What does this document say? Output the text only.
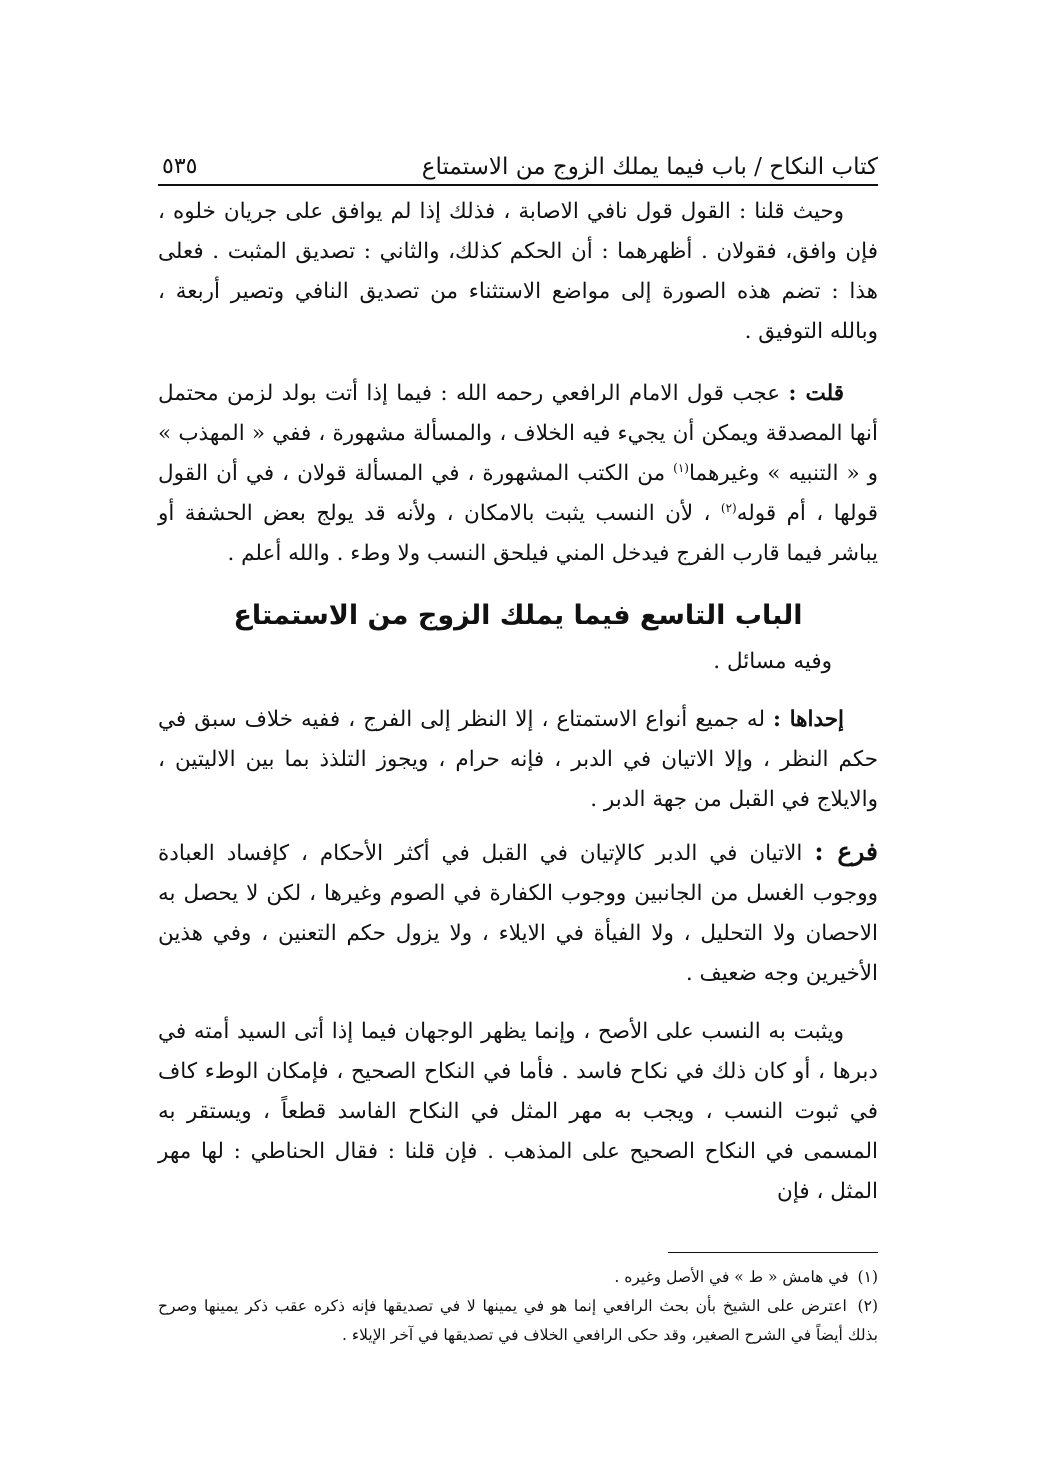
كتاب النكاح / باب فيما يملك الزوج من الاستمتاع
٥٣٥

وحيث قلنا : القول قول نافي الاصابة ، فذلك إذا لم يوافق على جريان خلوه ، فإن وافق، فقولان . أظهرهما : أن الحكم كذلك، والثاني : تصديق المثبت . فعلى هذا : تضم هذه الصورة إلى مواضع الاستثناء من تصديق النافي وتصير أربعة ، وبالله التوفيق .

قلت : عجب قول الامام الرافعي رحمه الله : فيما إذا أتت بولد لزمن محتمل أنها المصدقة ويمكن أن يجيء فيه الخلاف ، والمسألة مشهورة ، ففي « المهذب » و « التنبيه » وغيرهما$^{(١)}$ من الكتب المشهورة ، في المسألة قولان ، في أن القول قولها ، أم قوله$^{(٢)}$ ، لأن النسب يثبت بالامكان ، ولأنه قد يولج بعض الحشفة أو يباشر فيما قارب الفرج فيدخل المني فيلحق النسب ولا وطء . والله أعلم .

الباب التاسع فيما يملك الزوج من الاستمتاع

وفيه مسائل .

إحداها : له جميع أنواع الاستمتاع ، إلا النظر إلى الفرج ، ففيه خلاف سبق في حكم النظر ، وإلا الاتيان في الدبر ، فإنه حرام ، ويجوز التلذذ بما بين الاليتين ، والايلاج في القبل من جهة الدبر .

فرع : الاتيان في الدبر كالإتيان في القبل في أكثر الأحكام ، كإفساد العبادة ووجوب الغسل من الجانبين ووجوب الكفارة في الصوم وغيرها ، لكن لا يحصل به الاحصان ولا التحليل ، ولا الفيأة في الايلاء ، ولا يزول حكم التعنين ، وفي هذين الأخيرين وجه ضعيف .

ويثبت به النسب على الأصح ، وإنما يظهر الوجهان فيما إذا أتى السيد أمته في دبرها ، أو كان ذلك في نكاح فاسد . فأما في النكاح الصحيح ، فإمكان الوطء كاف في ثبوت النسب ، ويجب به مهر المثل في النكاح الفاسد قطعاً ، ويستقر به المسمى في النكاح الصحيح على المذهب . فإن قلنا : فقال الحناطي : لها مهر المثل ، فإن

(١) في هامش « ط » في الأصل وغيره .

(٢) اعترض على الشيخ بأن بحث الرافعي إنما هو في يمينها لا في تصديقها فإنه ذكره عقب ذكر يمينها وصرح بذلك أيضاً في الشرح الصغير، وقد حكى الرافعي الخلاف في تصديقها في آخر الإيلاء .
